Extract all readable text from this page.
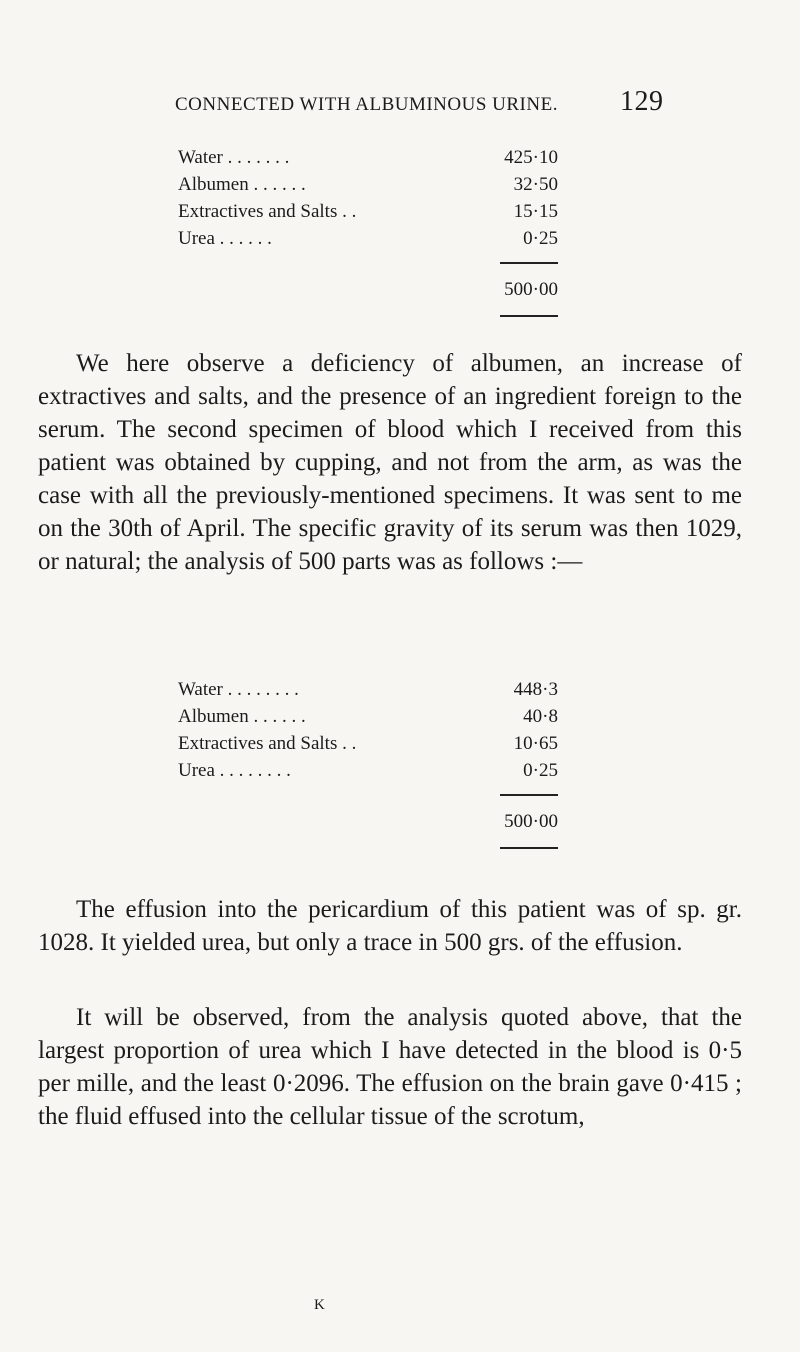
CONNECTED WITH ALBUMINOUS URINE. 129
Water . . . . . . .	425·10
Albumen . . . . . .	32·50
Extractives and Salts . .	15·15
Urea . . . . . .	0·25
500·00

We here observe a deficiency of albumen, an increase of extractives and salts, and the presence of an ingredient foreign to the serum. The second specimen of blood which I received from this patient was obtained by cupping, and not from the arm, as was the case with all the previously-mentioned specimens. It was sent to me on the 30th of April. The specific gravity of its serum was then 1029, or natural; the analysis of 500 parts was as follows :—

Water . . . . . . . .	448·3
Albumen . . . . . .	40·8
Extractives and Salts . .	10·65
Urea . . . . . . . .	0·25
500·00

The effusion into the pericardium of this patient was of sp. gr. 1028. It yielded urea, but only a trace in 500 grs. of the effusion.

It will be observed, from the analysis quoted above, that the largest proportion of urea which I have detected in the blood is 0·5 per mille, and the least 0·2096. The effusion on the brain gave 0·415 ; the fluid effused into the cellular tissue of the scrotum,

K
